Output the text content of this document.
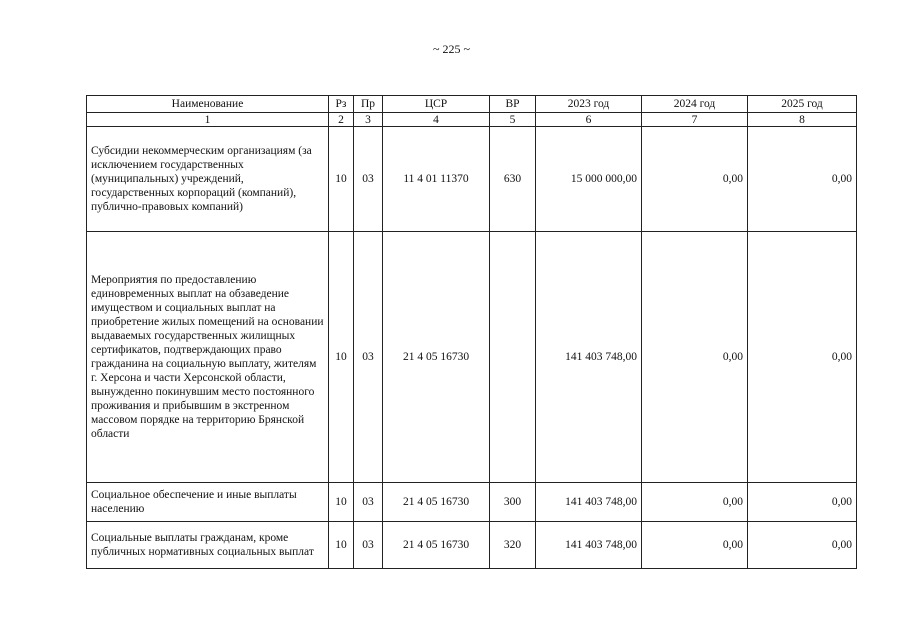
~ 225 ~
Наименование	Рз	Пр	ЦСР	ВР	2023 год	2024 год	2025 год
1	2	3	4	5	6	7	8
Субсидии некоммерческим организациям (за исключением государственных (муниципальных) учреждений, государственных корпораций (компаний), публично-правовых компаний)	10	03	11 4 01 11370	630	15 000 000,00	0,00	0,00
Мероприятия по предоставлению единовременных выплат на обзаведение имуществом и социальных выплат на приобретение жилых помещений на основании выдаваемых государственных жилищных сертификатов, подтверждающих право гражданина на социальную выплату, жителям г. Херсона и части Херсонской области, вынужденно покинувшим место постоянного проживания и прибывшим в экстренном массовом порядке на территорию Брянской области	10	03	21 4 05 16730		141 403 748,00	0,00	0,00
Социальное обеспечение и иные выплаты населению	10	03	21 4 05 16730	300	141 403 748,00	0,00	0,00
Социальные выплаты гражданам, кроме публичных нормативных социальных выплат	10	03	21 4 05 16730	320	141 403 748,00	0,00	0,00
